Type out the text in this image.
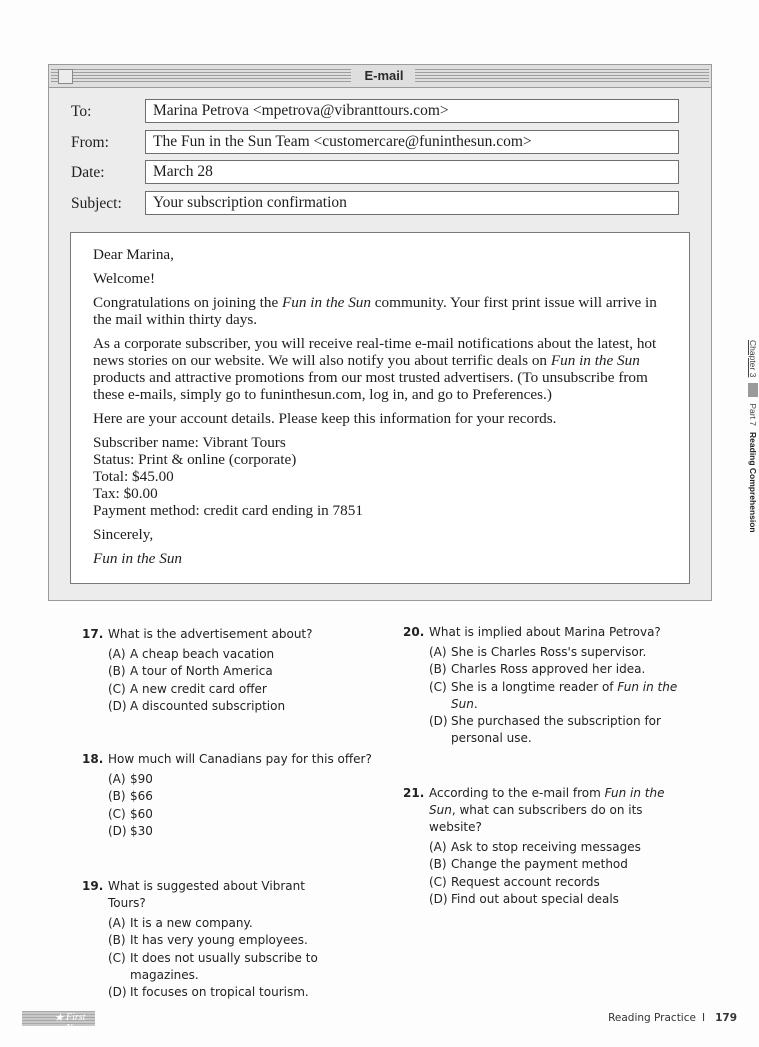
E-mail
To:	Marina Petrova <mpetrova@vibranttours.com>
From:	The Fun in the Sun Team <customercare@funinthesun.com>
Date:	March 28
Subject:	Your subscription confirmation

Dear Marina,

Welcome!

Congratulations on joining the Fun in the Sun community. Your first print issue will arrive in the mail within thirty days.

As a corporate subscriber, you will receive real-time e-mail notifications about the latest, hot news stories on our website. We will also notify you about terrific deals on Fun in the Sun products and attractive promotions from our most trusted advertisers. (To unsubscribe from these e-mails, simply go to funinthesun.com, log in, and go to Preferences.)

Here are your account details. Please keep this information for your records.

Subscriber name: Vibrant Tours

Status: Print & online (corporate)

Total: $45.00

Tax: $0.00

Payment method: credit card ending in 7851

Sincerely,

Fun in the Sun

Chapter 3
Part 7
Reading Comprehension
17. What is the advertisement about?
(A) A cheap beach vacation
(B) A tour of North America
(C) A new credit card offer
(D) A discounted subscription
18. How much will Canadians pay for this offer?
(A) $90
(B) $66
(C) $60
(D) $30
19. What is suggested about Vibrant Tours?
(A) It is a new company.
(B) It has very young employees.
(C) It does not usually subscribe to magazines.
(D) It focuses on tropical tourism.
20. What is implied about Marina Petrova?
(A) She is Charles Ross's supervisor.
(B) Charles Ross approved her idea.
(C) She is a longtime reader of Fun in the Sun.
(D) She purchased the subscription for personal use.
21. According to the e-mail from Fun in the Sun, what can subscribers do on its website?
(A) Ask to stop receiving messages
(B) Change the payment method
(C) Request account records
(D) Find out about special deals
★ First News
Reading Practice I 179
